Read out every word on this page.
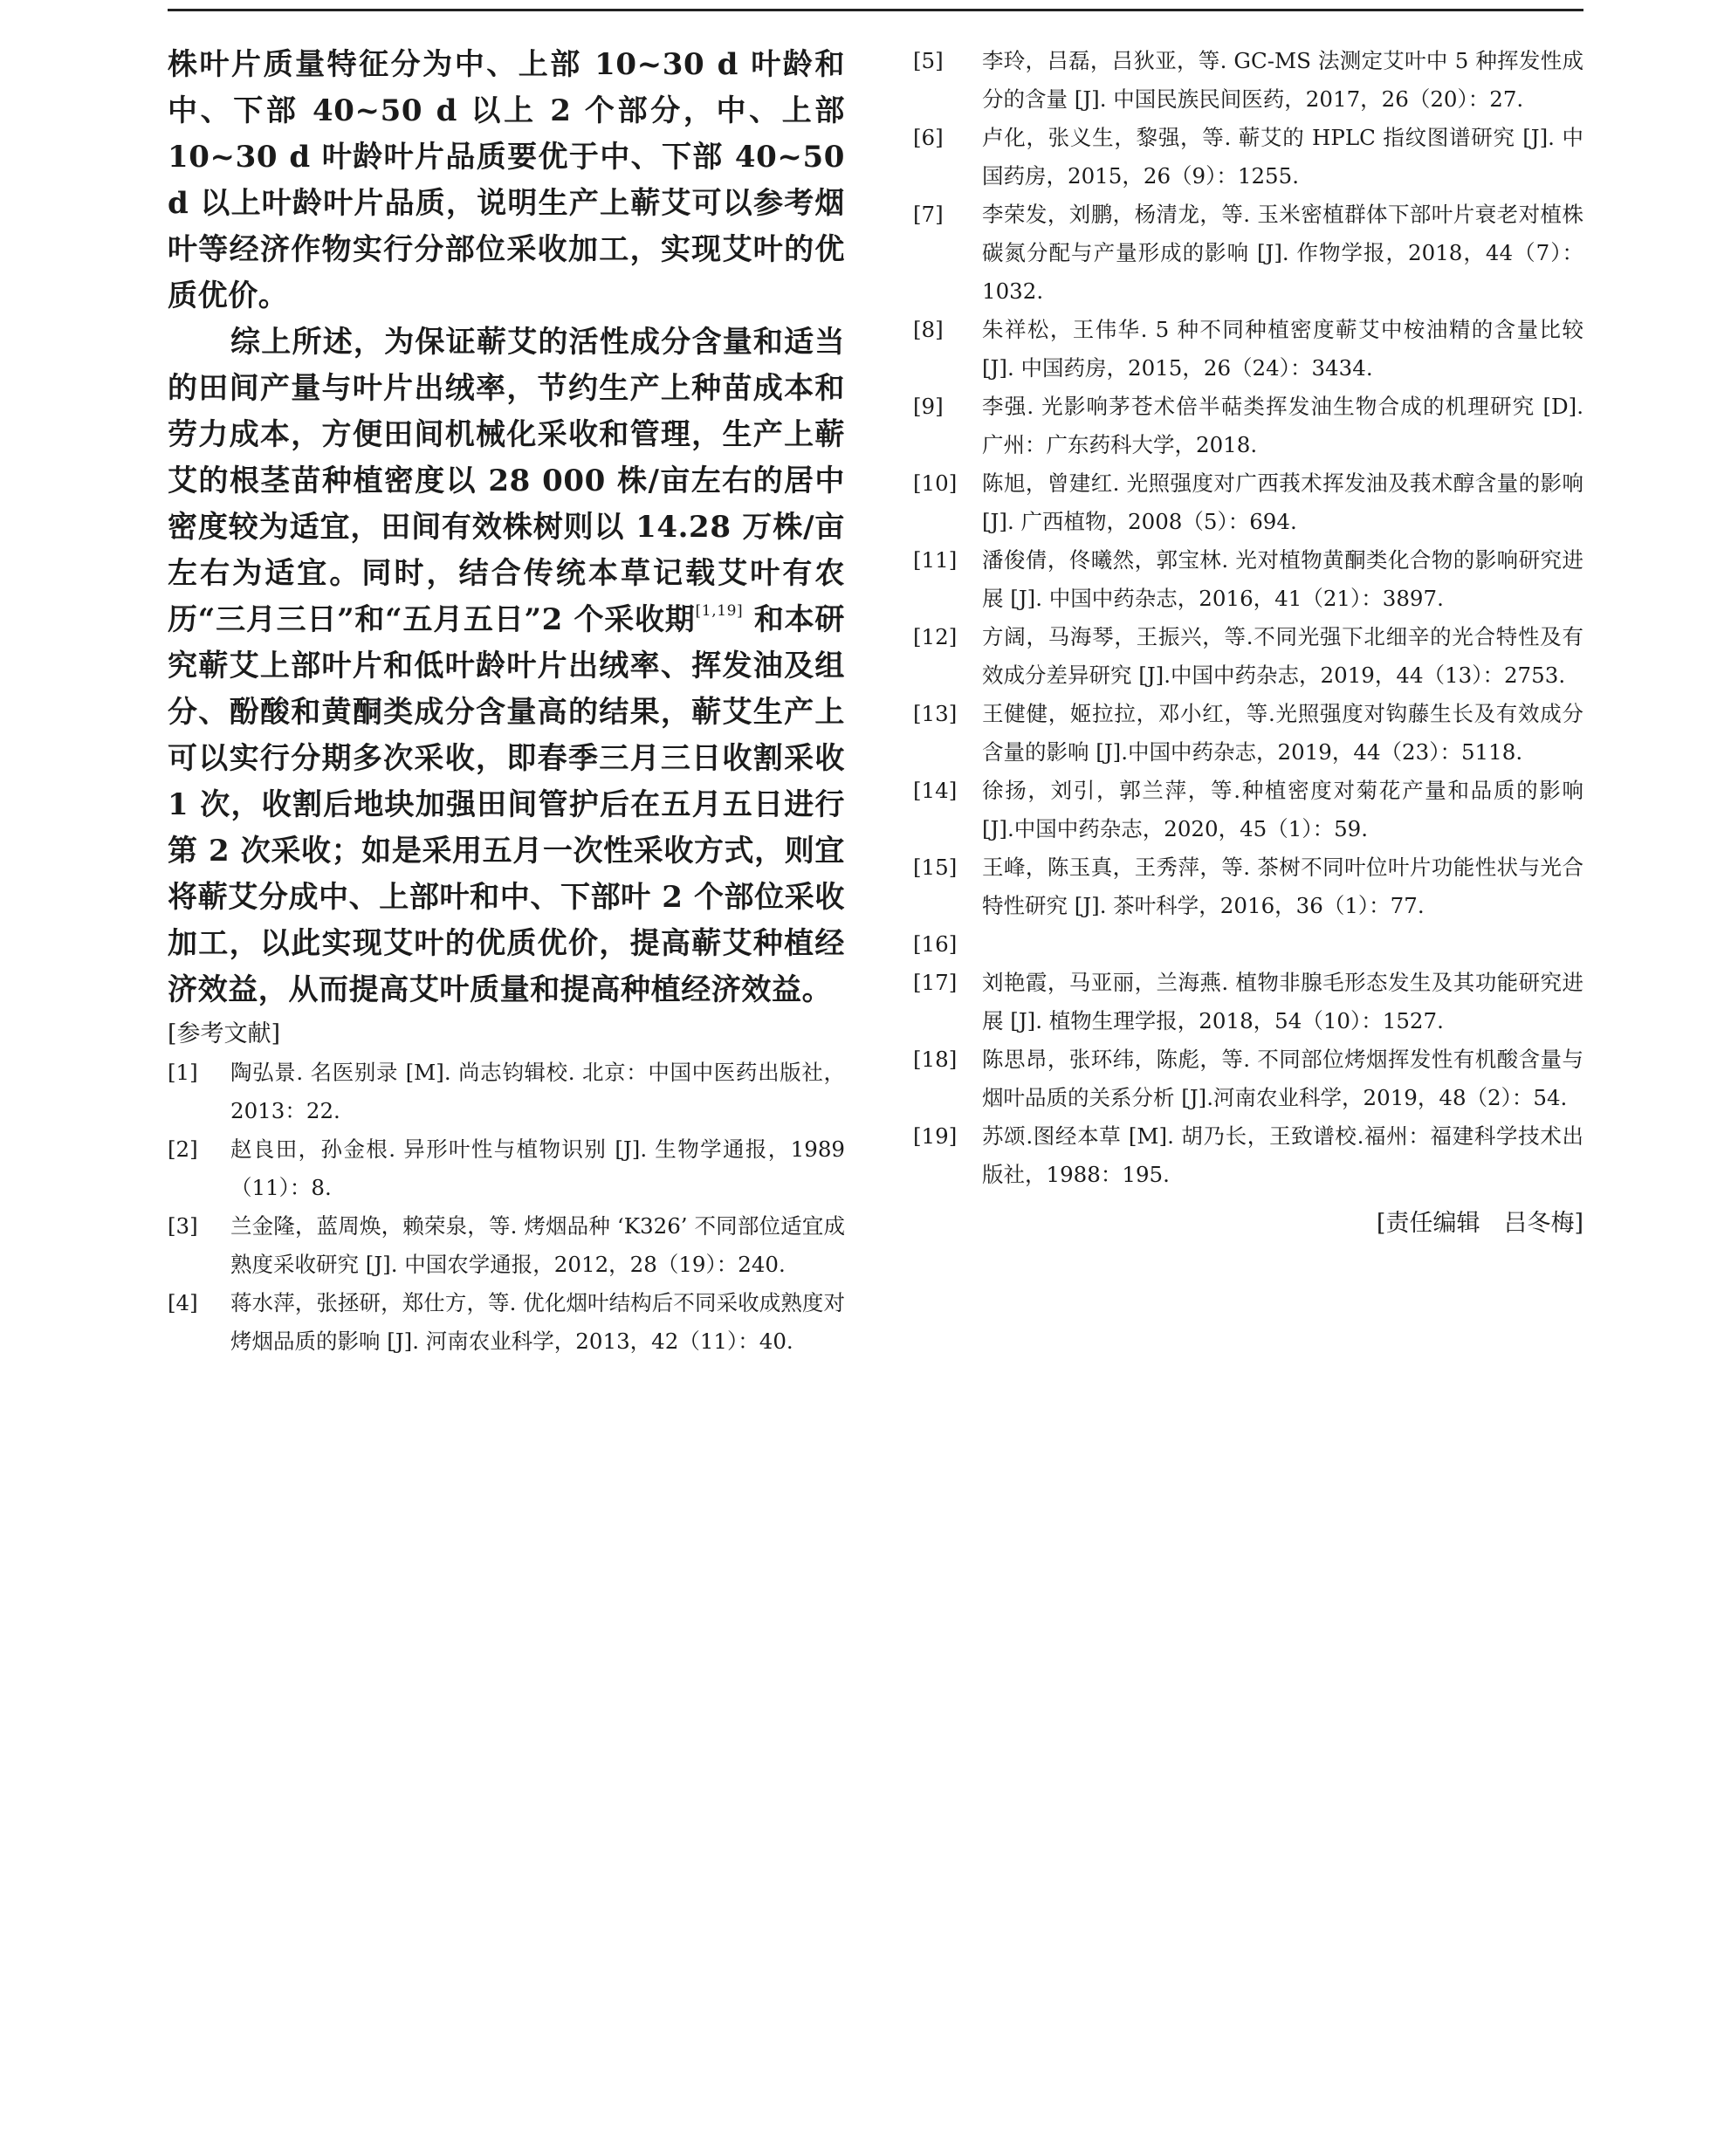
株叶片质量特征分为中、上部 10~30 d 叶龄和中、下部 40~50 d 以上 2 个部分，中、上部 10~30 d 叶龄叶片品质要优于中、下部 40~50 d 以上叶龄叶片品质，说明生产上蕲艾可以参考烟叶等经济作物实行分部位采收加工，实现艾叶的优质优价。

综上所述，为保证蕲艾的活性成分含量和适当的田间产量与叶片出绒率，节约生产上种苗成本和劳力成本，方便田间机械化采收和管理，生产上蕲艾的根茎苗种植密度以 28 000 株/亩左右的居中密度较为适宜，田间有效株树则以 14.28 万株/亩左右为适宜。同时，结合传统本草记载艾叶有农历“三月三日”和“五月五日”2 个采收期[1,19] 和本研究蕲艾上部叶片和低叶龄叶片出绒率、挥发油及组分、酚酸和黄酮类成分含量高的结果，蕲艾生产上可以实行分期多次采收，即春季三月三日收割采收 1 次，收割后地块加强田间管护后在五月五日进行第 2 次采收；如是采用五月一次性采收方式，则宜将蕲艾分成中、上部叶和中、下部叶 2 个部位采收加工，以此实现艾叶的优质优价，提高蕲艾种植经济效益，从而提高艾叶质量和提高种植经济效益。

[参考文献]
[1]	陶弘景. 名医别录 [M]. 尚志钧辑校. 北京：中国中医药出版社，2013：22.
[2]	赵良田，孙金根. 异形叶性与植物识别 [J]. 生物学通报，1989（11）：8.
[3]	兰金隆，蓝周焕，赖荣泉，等. 烤烟品种 ‘K326’ 不同部位适宜成熟度采收研究 [J]. 中国农学通报，2012，28（19）：240.
[4]	蒋水萍，张拯研，郑仕方，等. 优化烟叶结构后不同采收成熟度对烤烟品质的影响 [J]. 河南农业科学，2013，42（11）：40.
[5]	李玲，吕磊，吕狄亚，等. GC-MS 法测定艾叶中 5 种挥发性成分的含量 [J]. 中国民族民间医药，2017，26（20）：27.
[6]	卢化，张义生，黎强，等. 蕲艾的 HPLC 指纹图谱研究 [J]. 中国药房，2015，26（9）：1255.
[7]	李荣发，刘鹏，杨清龙，等. 玉米密植群体下部叶片衰老对植株碳氮分配与产量形成的影响 [J]. 作物学报，2018，44（7）：1032.
[8]	朱祥松，王伟华. 5 种不同种植密度蕲艾中桉油精的含量比较 [J]. 中国药房，2015，26（24）：3434.
[9]	李强. 光影响茅苍术倍半萜类挥发油生物合成的机理研究 [D]. 广州：广东药科大学，2018.
[10]	陈旭，曾建红. 光照强度对广西莪术挥发油及莪术醇含量的影响 [J]. 广西植物，2008（5）：694.
[11]	潘俊倩，佟曦然，郭宝林. 光对植物黄酮类化合物的影响研究进展 [J]. 中国中药杂志，2016，41（21）：3897.
[12]	方阔，马海琴，王振兴，等.不同光强下北细辛的光合特性及有效成分差异研究 [J].中国中药杂志，2019，44（13）：2753.
[13]	王健健，姬拉拉，邓小红，等.光照强度对钩藤生长及有效成分含量的影响 [J].中国中药杂志，2019，44（23）：5118.
[14]	徐扬，刘引，郭兰萍，等.种植密度对菊花产量和品质的影响 [J].中国中药杂志，2020，45（1）：59.
[15]	王峰，陈玉真，王秀萍，等. 茶树不同叶位叶片功能性状与光合特性研究 [J]. 茶叶科学，2016，36（1）：77.
[16]
[17]	刘艳霞，马亚丽，兰海燕. 植物非腺毛形态发生及其功能研究进展 [J]. 植物生理学报，2018，54（10）：1527.
[18]	陈思昂，张环纬，陈彪，等. 不同部位烤烟挥发性有机酸含量与烟叶品质的关系分析 [J].河南农业科学，2019，48（2）：54.
[19]	苏颂.图经本草 [M]. 胡乃长，王致谱校.福州：福建科学技术出版社，1988：195.
[责任编辑　吕冬梅]
